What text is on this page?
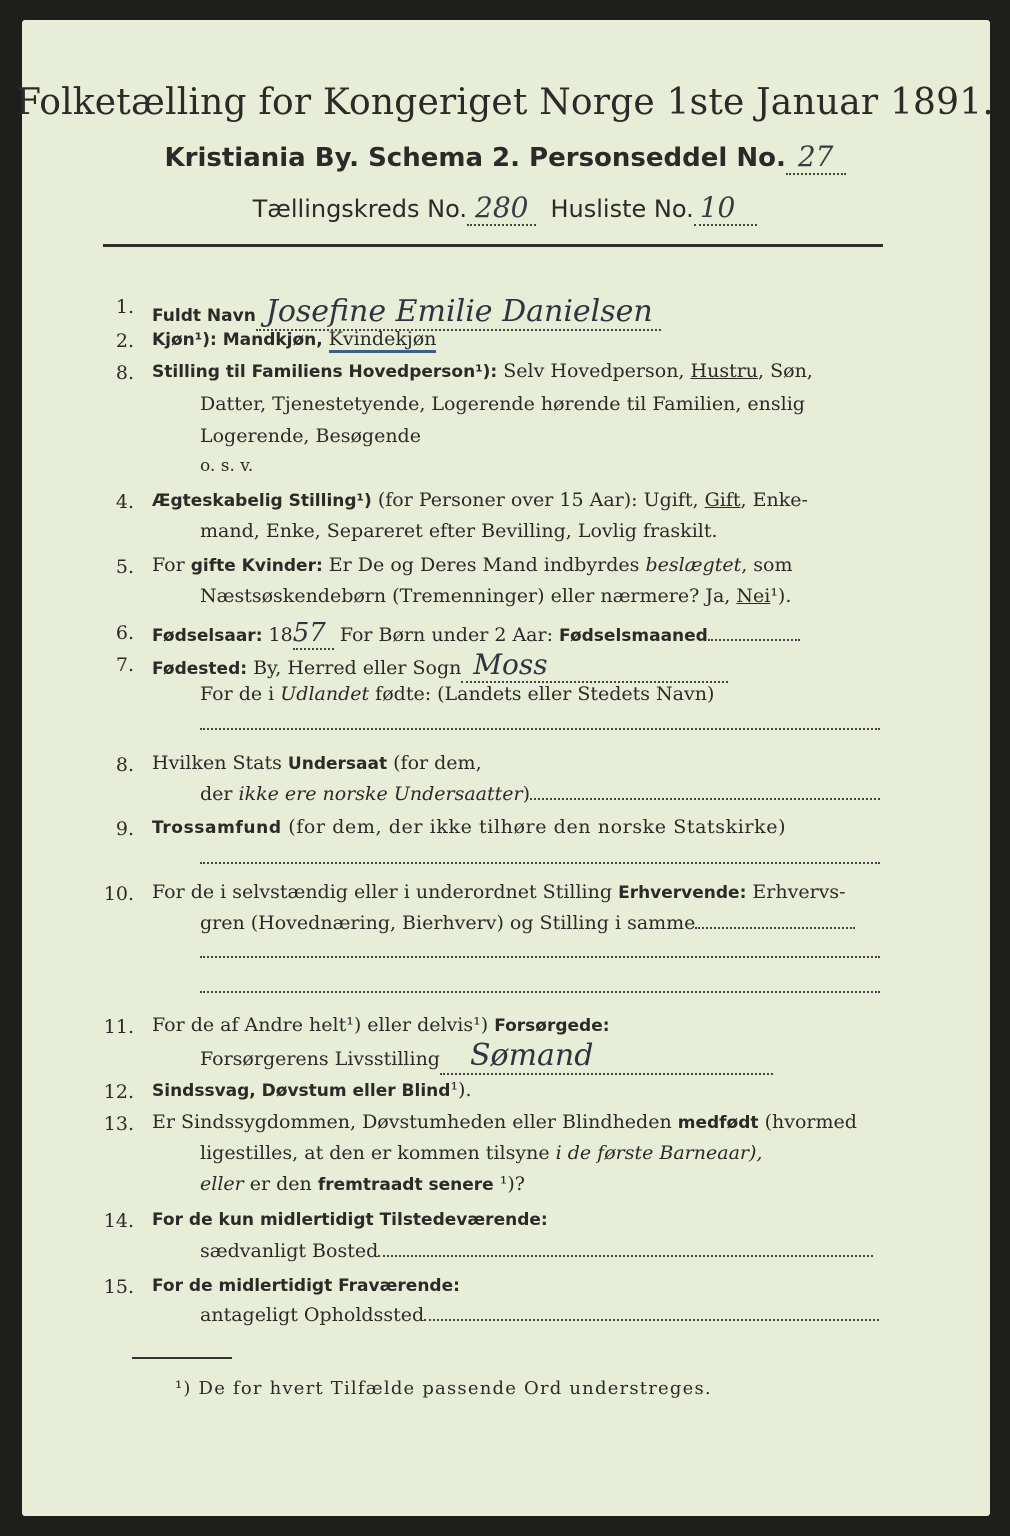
Folketælling for Kongeriget Norge 1ste Januar 1891.
Kristiania By. Schema 2. Personseddel No. 27
Tællingskreds No. 280 Husliste No. 10
1. Fuldt Navn Josefine Emilie Danielsen
2. Kjøn¹): Mandkjøn, Kvindekjøn
8. Stilling til Familiens Hovedperson¹): Selv Hovedperson, Hustru, Søn,
Datter, Tjenestetyende, Logerende hørende til Familien, enslig
Logerende, Besøgende
o. s. v.
4. Ægteskabelig Stilling¹) (for Personer over 15 Aar): Ugift, Gift, Enke-
mand, Enke, Separeret efter Bevilling, Lovlig fraskilt.
5. For gifte Kvinder: Er De og Deres Mand indbyrdes beslægtet, som
Næstsøskendebørn (Tremenninger) eller nærmere? Ja, Nei¹).
6. Fødselsaar: 1857 For Børn under 2 Aar: Fødselsmaaned
7. Fødested: By, Herred eller Sogn Moss
For de i Udlandet fødte: (Landets eller Stedets Navn)
8. Hvilken Stats Undersaat (for dem,
der ikke ere norske Undersaatter)
9. Trossamfund (for dem, der ikke tilhøre den norske Statskirke)
10. For de i selvstændig eller i underordnet Stilling Erhvervende: Erhvervs-
gren (Hovednæring, Bierhverv) og Stilling i samme
11. For de af Andre helt¹) eller delvis¹) Forsørgede:
Forsørgerens Livsstilling Sømand
12. Sindssvag, Døvstum eller Blind¹).
13. Er Sindssygdommen, Døvstumheden eller Blindheden medfødt (hvormed
ligestilles, at den er kommen tilsyne i de første Barneaar),
eller er den fremtraadt senere ¹)?
14. For de kun midlertidigt Tilstedeværende:
sædvanligt Bosted
15. For de midlertidigt Fraværende:
antageligt Opholdssted
¹) De for hvert Tilfælde passende Ord understreges.
